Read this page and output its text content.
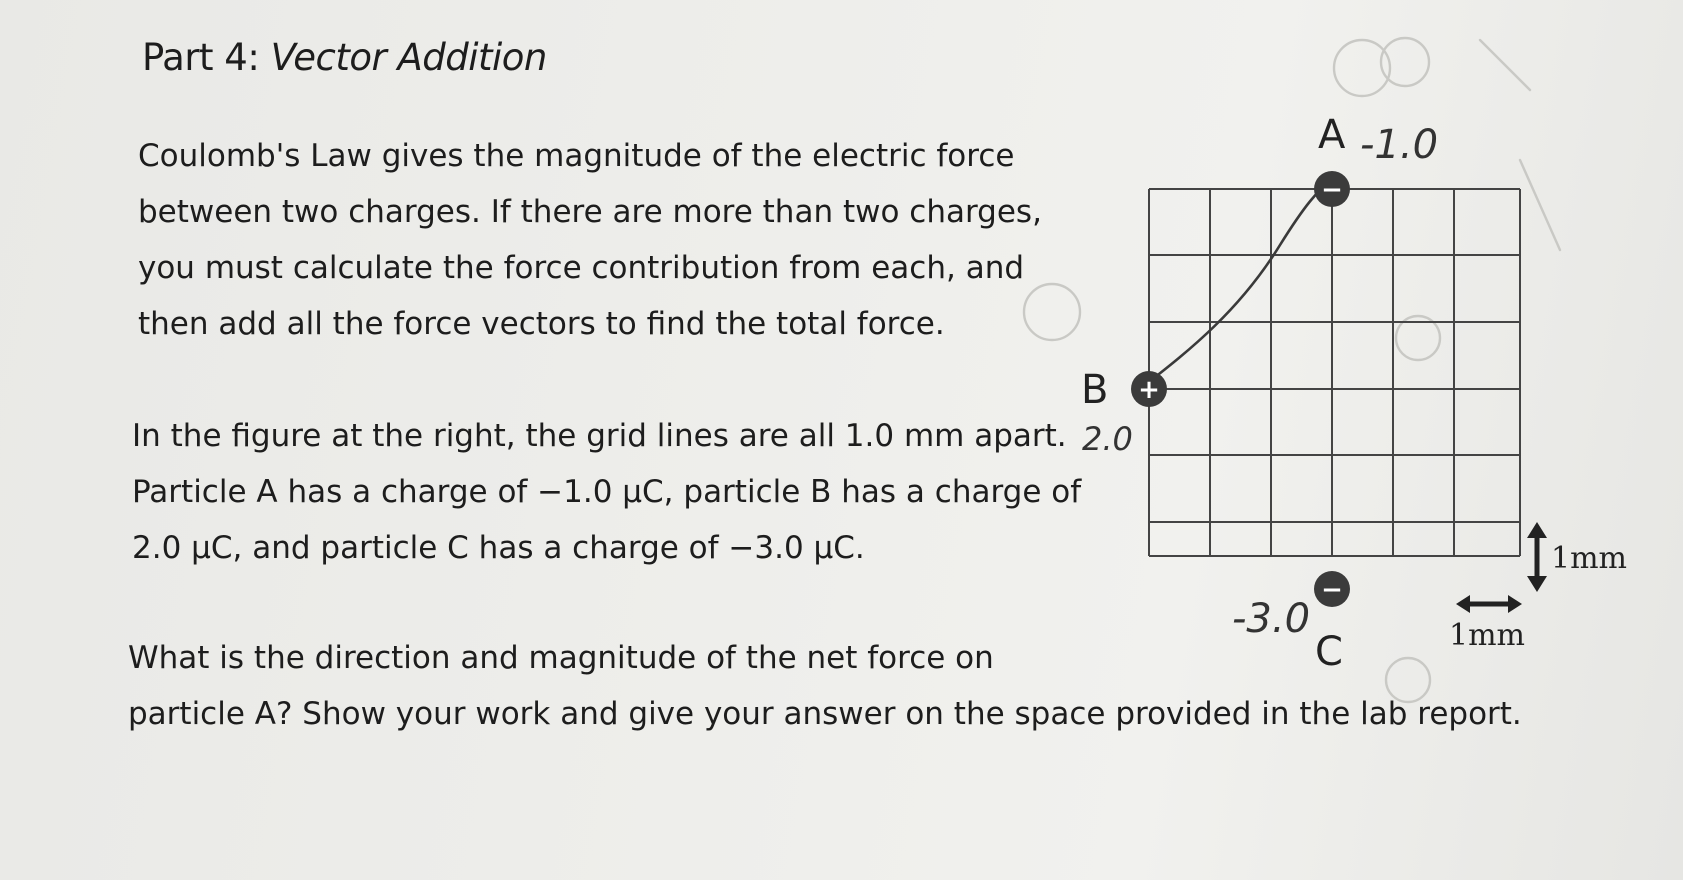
Part 4: Vector Addition
Coulomb's Law gives the magnitude of the electric force
between two charges. If there are more than two charges,
you must calculate the force contribution from each, and
then add all the force vectors to find the total force.
In the figure at the right, the grid lines are all 1.0 mm apart.
Particle A has a charge of −1.0 µC, particle B has a charge of
2.0 µC, and particle C has a charge of −3.0 µC.
What is the direction and magnitude of the net force on
particle A? Show your work and give your answer on the space provided in the lab report.
−
A
+
B
−
C
-1.0
2.0
-3.0
1mm
1mm
